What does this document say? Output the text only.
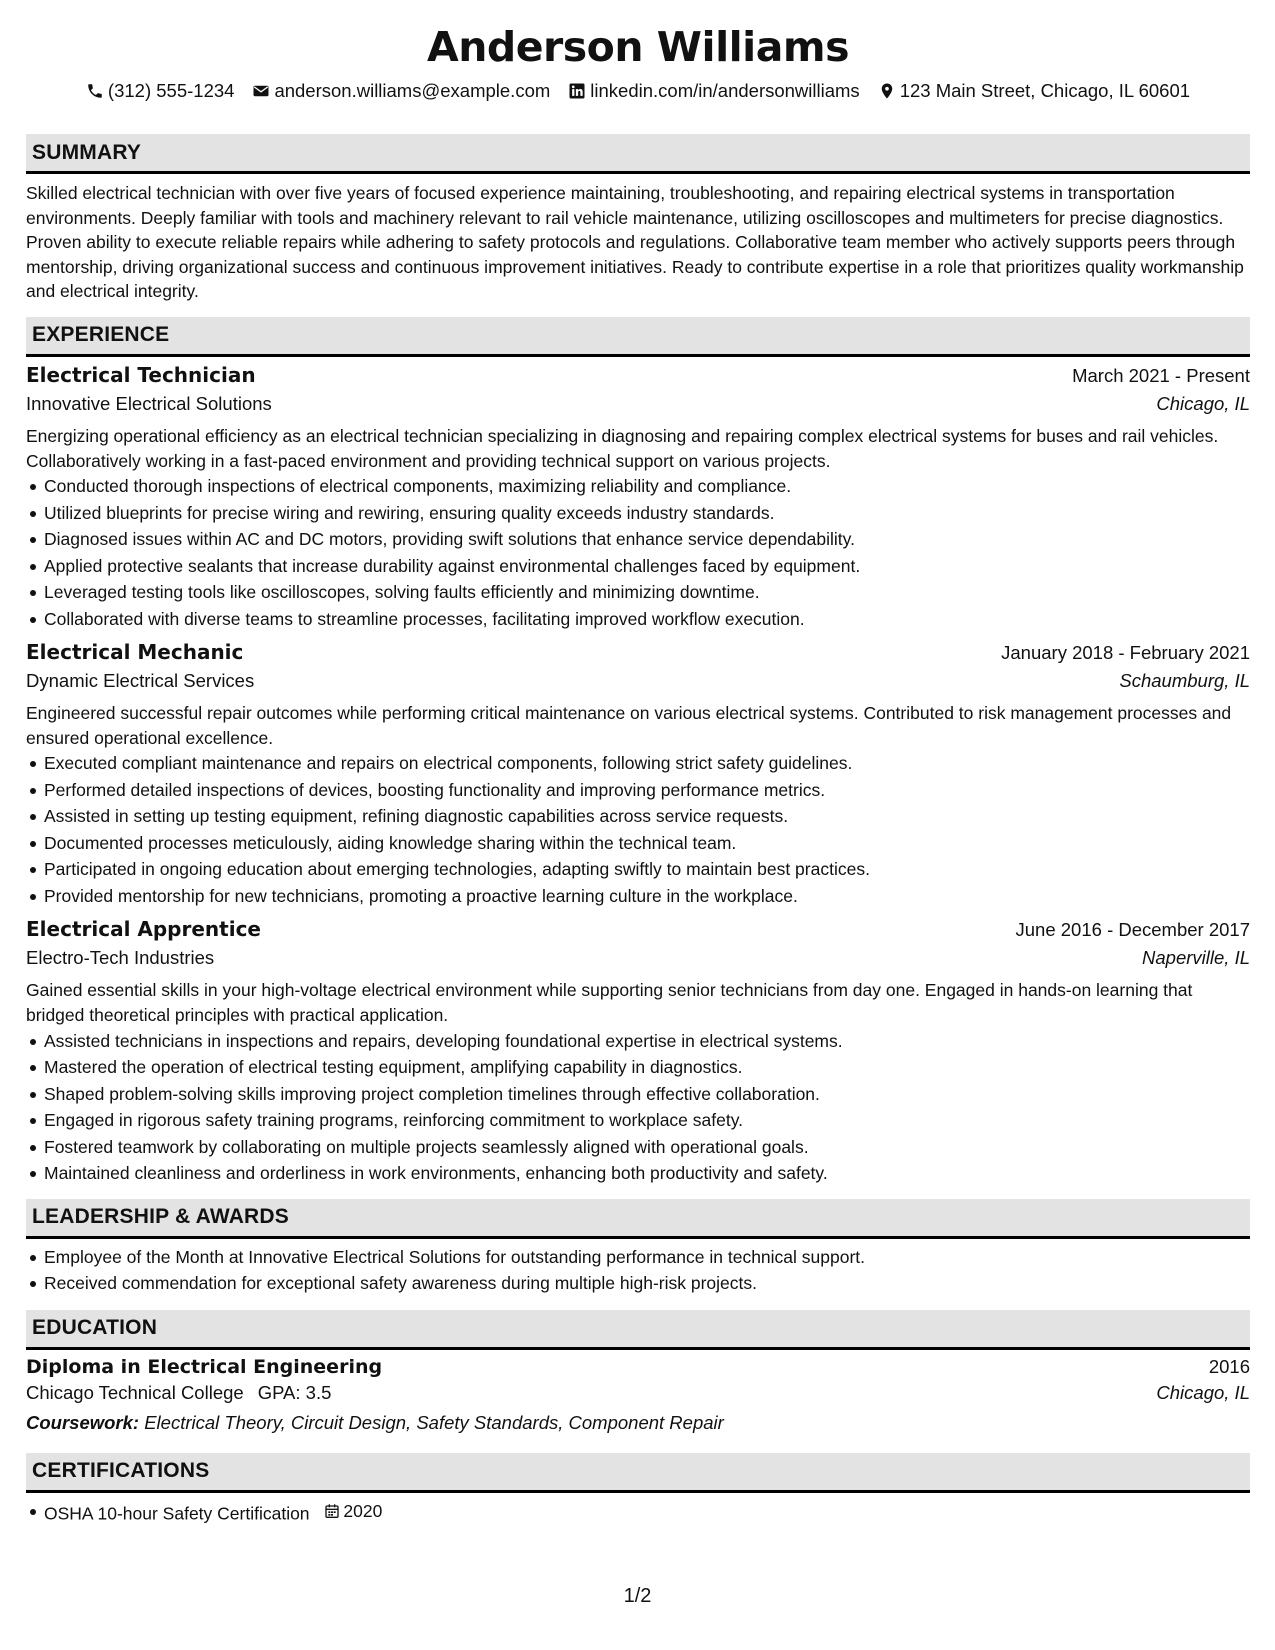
Anderson Williams
(312) 555-1234 anderson.williams@example.com linkedin.com/in/andersonwilliams 123 Main Street, Chicago, IL 60601
SUMMARY

Skilled electrical technician with over five years of focused experience maintaining, troubleshooting, and repairing electrical systems in transportation environments. Deeply familiar with tools and machinery relevant to rail vehicle maintenance, utilizing oscilloscopes and multimeters for precise diagnostics. Proven ability to execute reliable repairs while adhering to safety protocols and regulations. Collaborative team member who actively supports peers through mentorship, driving organizational success and continuous improvement initiatives. Ready to contribute expertise in a role that prioritizes quality workmanship and electrical integrity.

EXPERIENCE
Electrical Technician	March 2021 - Present
Innovative Electrical Solutions	Chicago, IL

Energizing operational efficiency as an electrical technician specializing in diagnosing and repairing complex electrical systems for buses and rail vehicles. Collaboratively working in a fast-paced environment and providing technical support on various projects.

Conducted thorough inspections of electrical components, maximizing reliability and compliance.
Utilized blueprints for precise wiring and rewiring, ensuring quality exceeds industry standards.
Diagnosed issues within AC and DC motors, providing swift solutions that enhance service dependability.
Applied protective sealants that increase durability against environmental challenges faced by equipment.
Leveraged testing tools like oscilloscopes, solving faults efficiently and minimizing downtime.
Collaborated with diverse teams to streamline processes, facilitating improved workflow execution.
Electrical Mechanic	January 2018 - February 2021
Dynamic Electrical Services	Schaumburg, IL

Engineered successful repair outcomes while performing critical maintenance on various electrical systems. Contributed to risk management processes and ensured operational excellence.

Executed compliant maintenance and repairs on electrical components, following strict safety guidelines.
Performed detailed inspections of devices, boosting functionality and improving performance metrics.
Assisted in setting up testing equipment, refining diagnostic capabilities across service requests.
Documented processes meticulously, aiding knowledge sharing within the technical team.
Participated in ongoing education about emerging technologies, adapting swiftly to maintain best practices.
Provided mentorship for new technicians, promoting a proactive learning culture in the workplace.
Electrical Apprentice	June 2016 - December 2017
Electro-Tech Industries	Naperville, IL

Gained essential skills in your high-voltage electrical environment while supporting senior technicians from day one. Engaged in hands-on learning that bridged theoretical principles with practical application.

Assisted technicians in inspections and repairs, developing foundational expertise in electrical systems.
Mastered the operation of electrical testing equipment, amplifying capability in diagnostics.
Shaped problem-solving skills improving project completion timelines through effective collaboration.
Engaged in rigorous safety training programs, reinforcing commitment to workplace safety.
Fostered teamwork by collaborating on multiple projects seamlessly aligned with operational goals.
Maintained cleanliness and orderliness in work environments, enhancing both productivity and safety.
LEADERSHIP & AWARDS
Employee of the Month at Innovative Electrical Solutions for outstanding performance in technical support.
Received commendation for exceptional safety awareness during multiple high-risk projects.
EDUCATION
Diploma in Electrical Engineering	2016
Chicago Technical College GPA: 3.5	Chicago, IL
Coursework: Electrical Theory, Circuit Design, Safety Standards, Component Repair
CERTIFICATIONS
OSHA 10-hour Safety Certification 2020
1/2
